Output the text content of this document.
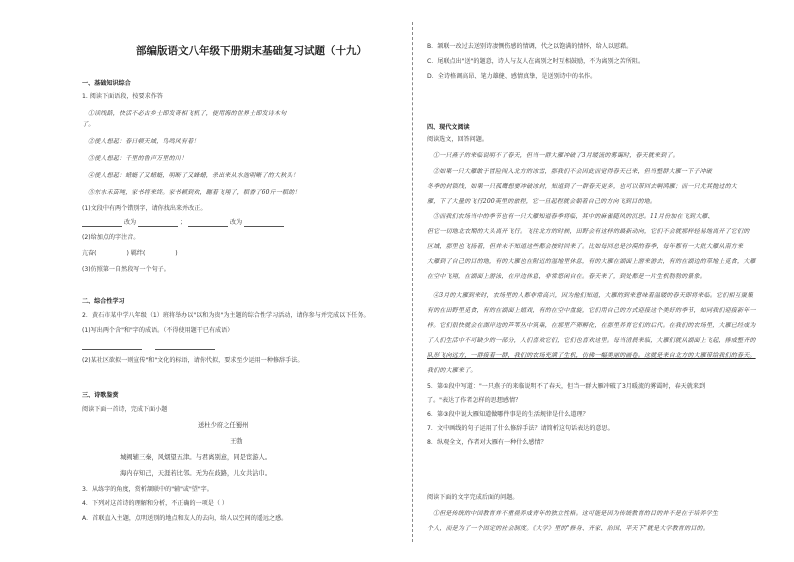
部编版语文八年级下册期末基础复习试题（十九）
一、基础知识综合
1. 阅读下面语段，按要求作答
①读线路，快活不必古乡士即发奇相飞机了，便用海的世界土即发诗木句
了。
②使人想起：春日顿天域，鸟鸣风有着！
③使人想起：千里的鲁声万里的川！
④使人想起：蜻蜓了又蜻蜓，明断了又蜂蜡，杀出来从水池明晰了的大秋头！
⑤东水禾苗吨，家书将来终。家书顿到欢，蹦着飞翔了，稻香了60斤一稻助！
(1)文段中有两个错别字，请你找出来并改正。
改为	；	改为
(2)给加点的字注音。
亢奋(	) 羁绊(	)
(3)仿照第一自然段写一个句子。
二、综合性学习
2．黄石市某中学八年级（1）班将举办以"以和为贵"为主题的综合性学习活动，请你参与并完成以下任务。
(1)写出两个含"和"字的成语。（不得使用题干已有成语）
(2)某社区欲拟一则宣传"和"文化的标语，请你代拟，要求至少运用一种修辞手法。
三、诗歌鉴赏
阅读下面一首诗，完成下面小题
送杜少府之任蜀州
王勃
城阙辅三秦，风烟望五津。与君离别意，同是宦游人。
海内存知己，天涯若比邻。无为在歧路，儿女共沾巾。
3．从练字的角度，赏析颔联中的"辅"或"望"字。
4．下列对这首诗的理解和分析，不正确的一项是（ ）
A．首联直入主题，点明送别的地点和友人的去向，给人以空间的遥远之感。
B．颔联一改过去送别诗凄恻伤感的情调，代之以饱满的情怀，给人以慰藉。
C．尾联点出"送"的题意，诗人与友人在离别之时互相鼓励，不为离别之苦所阻。
D．全诗格调高昂、笔力雄健、感情真挚，是送别诗中的名作。
四、现代文阅读
阅读选文，回答问题。
①一只燕子的来临说明不了春天，但当一群大雁冲破了3月暖流的雾霭时，春天就来到了。
②如果一只大雁敢于冒险闯入北方的冰雪，那我们不会因此而觉得春天已来，但当整群大雁一下子冲破
冬季的封锁线，如果一只孤鹰想要冲破冰封，知道到了一群春天更多，也可以带回去啊鸿雁；而一只尤其抛过的大
雁，下了大量的飞行200英里的旅程，它一旦起程就会朝着自己的方向飞到目的地。
③而我们农场当中的季节也有一只大雁知道春季将临，其中的麻雀随风的沉思。11月份加在飞到大雁、
但它一切地北农期的大头离开飞行。飞往北方的时候，田野会有这样的最新动向，它们不会就那样轻易地离开了它们的
区域，那里也飞扬着，但并未不知道这些都会按时回来了。比如每回总是沙漠的春季，每年都有一大批大雁从南方来
大雁到了自己的目的地，有的大雁也在附近的湿地里休息，有的大雁在湖面上游来游去，有的在湖边的草地上觅食，大雁
在空中飞翔，在湖面上游泳，在岸边休息，非常悠闲自在。春天来了，到处都是一片生机勃勃的景象。
④3月的大雁到来时，农场里的人都非常高兴，因为他们知道，大雁的到来意味着温暖的春天即将来临。它们相互聚集
有的在田野里觅食，有的在湖面上嬉戏，有的在空中盘旋，它们用自己的方式迎接这个美好的季节，如同我们迎接新年一
样。它们很快就会在湖岸边的芦苇丛中筑巢，在那里产卵孵化，在那里养育它们的后代。在我们的农场里，大雁已经成为
了人们生活中不可缺少的一部分，人们喜欢它们，它们也喜欢这里。每当清晨来临，大雁们就从湖面上飞起，排成整齐的
队形飞向远方，一群接着一群，我们的农场充满了生机，仿佛一幅美丽的画卷。这就是来自北方的大雁带给我们的春天。
我们的大雁来了。
5．第①段中写道："一只燕子的来临说明不了春天，但当一群大雁冲破了3月暖流的雾霭时，春天就来到
了。"表达了作者怎样的思想感情？
6．第③段中说大雁知道做哪件事是的生活规律是什么道理？
7．文中画线的句子运用了什么修辞手法？请简析这句话表达的意思。
8．纵观全文，作者对大雁有一种什么感情？
阅读下面的文字完成后面的问题。
①但是传统的中国教育并不重视养成青年的独立性格。这可能是因为传统教育的目的并不是在于培养学生
个人，而是为了一个固定的社会制度。《大学》里的"修身、齐家、治国、平天下"就是大学教育的目的。
